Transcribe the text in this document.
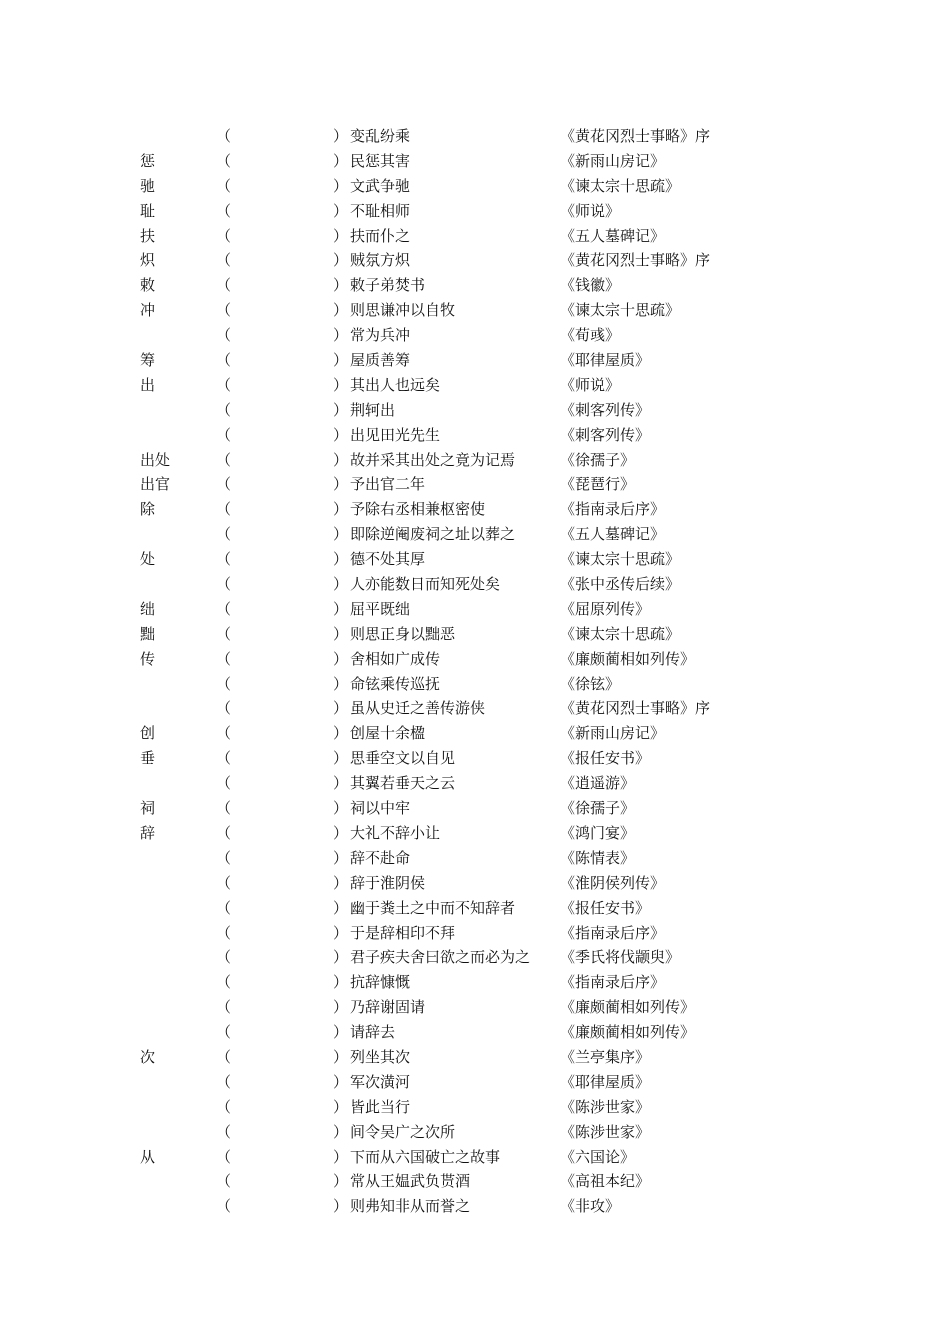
（	） 变乱纷乘	《黄花冈烈士事略》序
惩	（	） 民惩其害	《新雨山房记》
驰	（	） 文武争驰	《谏太宗十思疏》
耻	（	） 不耻相师	《师说》
扶	（	） 扶而仆之	《五人墓碑记》
炽	（	） 贼氛方炽	《黄花冈烈士事略》序
敕	（	） 敕子弟焚书	《钱徽》
冲	（	） 则思谦冲以自牧	《谏太宗十思疏》
（	） 常为兵冲	《荀彧》
筹	（	） 屋质善筹	《耶律屋质》
出	（	） 其出人也远矣	《师说》
（	） 荆轲出	《刺客列传》
（	） 出见田光先生	《刺客列传》
出处	（	） 故并采其出处之竟为记焉	《徐孺子》
出官	（	） 予出官二年	《琵琶行》
除	（	） 予除右丞相兼枢密使	《指南录后序》
（	） 即除逆阉废祠之址以葬之	《五人墓碑记》
处	（	） 德不处其厚	《谏太宗十思疏》
（	） 人亦能数日而知死处矣	《张中丞传后续》
绌	（	） 屈平既绌	《屈原列传》
黜	（	） 则思正身以黜恶	《谏太宗十思疏》
传	（	） 舍相如广成传	《廉颇蔺相如列传》
（	） 命铉乘传巡抚	《徐铉》
（	） 虽从史迁之善传游侠	《黄花冈烈士事略》序
创	（	） 创屋十余楹	《新雨山房记》
垂	（	） 思垂空文以自见	《报任安书》
（	） 其翼若垂天之云	《逍遥游》
祠	（	） 祠以中牢	《徐孺子》
辞	（	） 大礼不辞小让	《鸿门宴》
（	） 辞不赴命	《陈情表》
（	） 辞于淮阴侯	《淮阴侯列传》
（	） 幽于粪土之中而不知辞者	《报任安书》
（	） 于是辞相印不拜	《指南录后序》
（	） 君子疾夫舍曰欲之而必为之 《季氏将伐颛臾》
（	） 抗辞慷慨	《指南录后序》
（	） 乃辞谢固请	《廉颇蔺相如列传》
（	） 请辞去	《廉颇蔺相如列传》
次	（	） 列坐其次	《兰亭集序》
（	） 军次潢河	《耶律屋质》
（	） 皆此当行	《陈涉世家》
（	） 间令吴广之次所	《陈涉世家》
从	（	） 下而从六国破亡之故事	《六国论》
（	） 常从王媪武负贳酒	《高祖本纪》
（	） 则弗知非从而誉之	《非攻》
